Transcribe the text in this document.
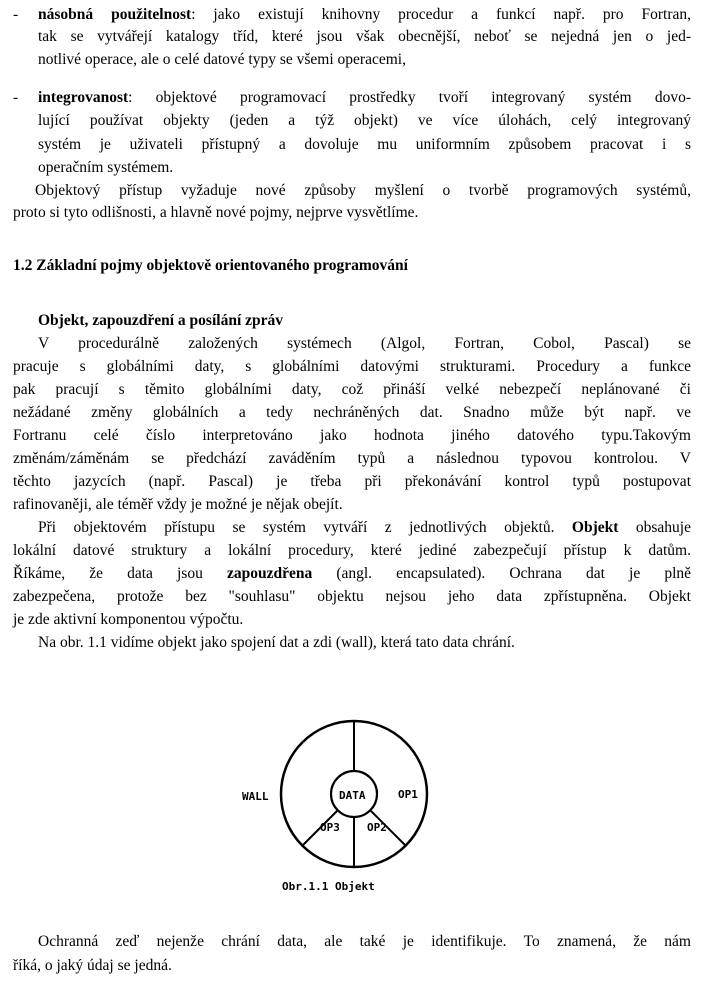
- násobná použitelnost: jako existují knihovny procedur a funkcí např. pro Fortran,

tak se vytvářejí katalogy tříd, které jsou však obecnější, neboť se nejedná jen o jed-

notlivé operace, ale o celé datové typy se všemi operacemi,

- integrovanost: objektové programovací prostředky tvoří integrovaný systém dovo-

lující používat objekty (jeden a týž objekt) ve více úlohách, celý integrovaný

systém je uživateli přístupný a dovoluje mu uniformním způsobem pracovat i s

operačním systémem.

Objektový přístup vyžaduje nové způsoby myšlení o tvorbě programových systémů,

proto si tyto odlišnosti, a hlavně nové pojmy, nejprve vysvětlíme.

1.2 Základní pojmy objektově orientovaného programování

Objekt, zapouzdření a posílání zpráv

V procedurálně založených systémech (Algol, Fortran, Cobol, Pascal) se

pracuje s globálními daty, s globálními datovými strukturami. Procedury a funkce

pak pracují s těmito globálními daty, což přináší velké nebezpečí neplánované či

nežádané změny globálních a tedy nechráněných dat. Snadno může být např. ve

Fortranu celé číslo interpretováno jako hodnota jiného datového typu.Takovým

změnám/záměnám se předchází zaváděním typů a následnou typovou kontrolou. V

těchto jazycích (např. Pascal) je třeba při překonávání kontrol typů postupovat

rafinovaněji, ale téměř vždy je možné je nějak obejít.

Při objektovém přístupu se systém vytváří z jednotlivých objektů. Objekt obsahuje

lokální datové struktury a lokální procedury, které jediné zabezpečují přístup k datům.

Říkáme, že data jsou zapouzdřena (angl. encapsulated). Ochrana dat je plně

zabezpečena, protože bez "souhlasu" objektu nejsou jeho data zpřístupněna. Objekt

je zde aktivní komponentou výpočtu.

Na obr. 1.1 vidíme objekt jako spojení dat a zdi (wall), která tato data chrání.

WALL	DATA	OP1
OP2
OP3
Obr.1.1 Objekt

Ochranná zeď nejenže chrání data, ale také je identifikuje. To znamená, že nám

říká, o jaký údaj se jedná.
